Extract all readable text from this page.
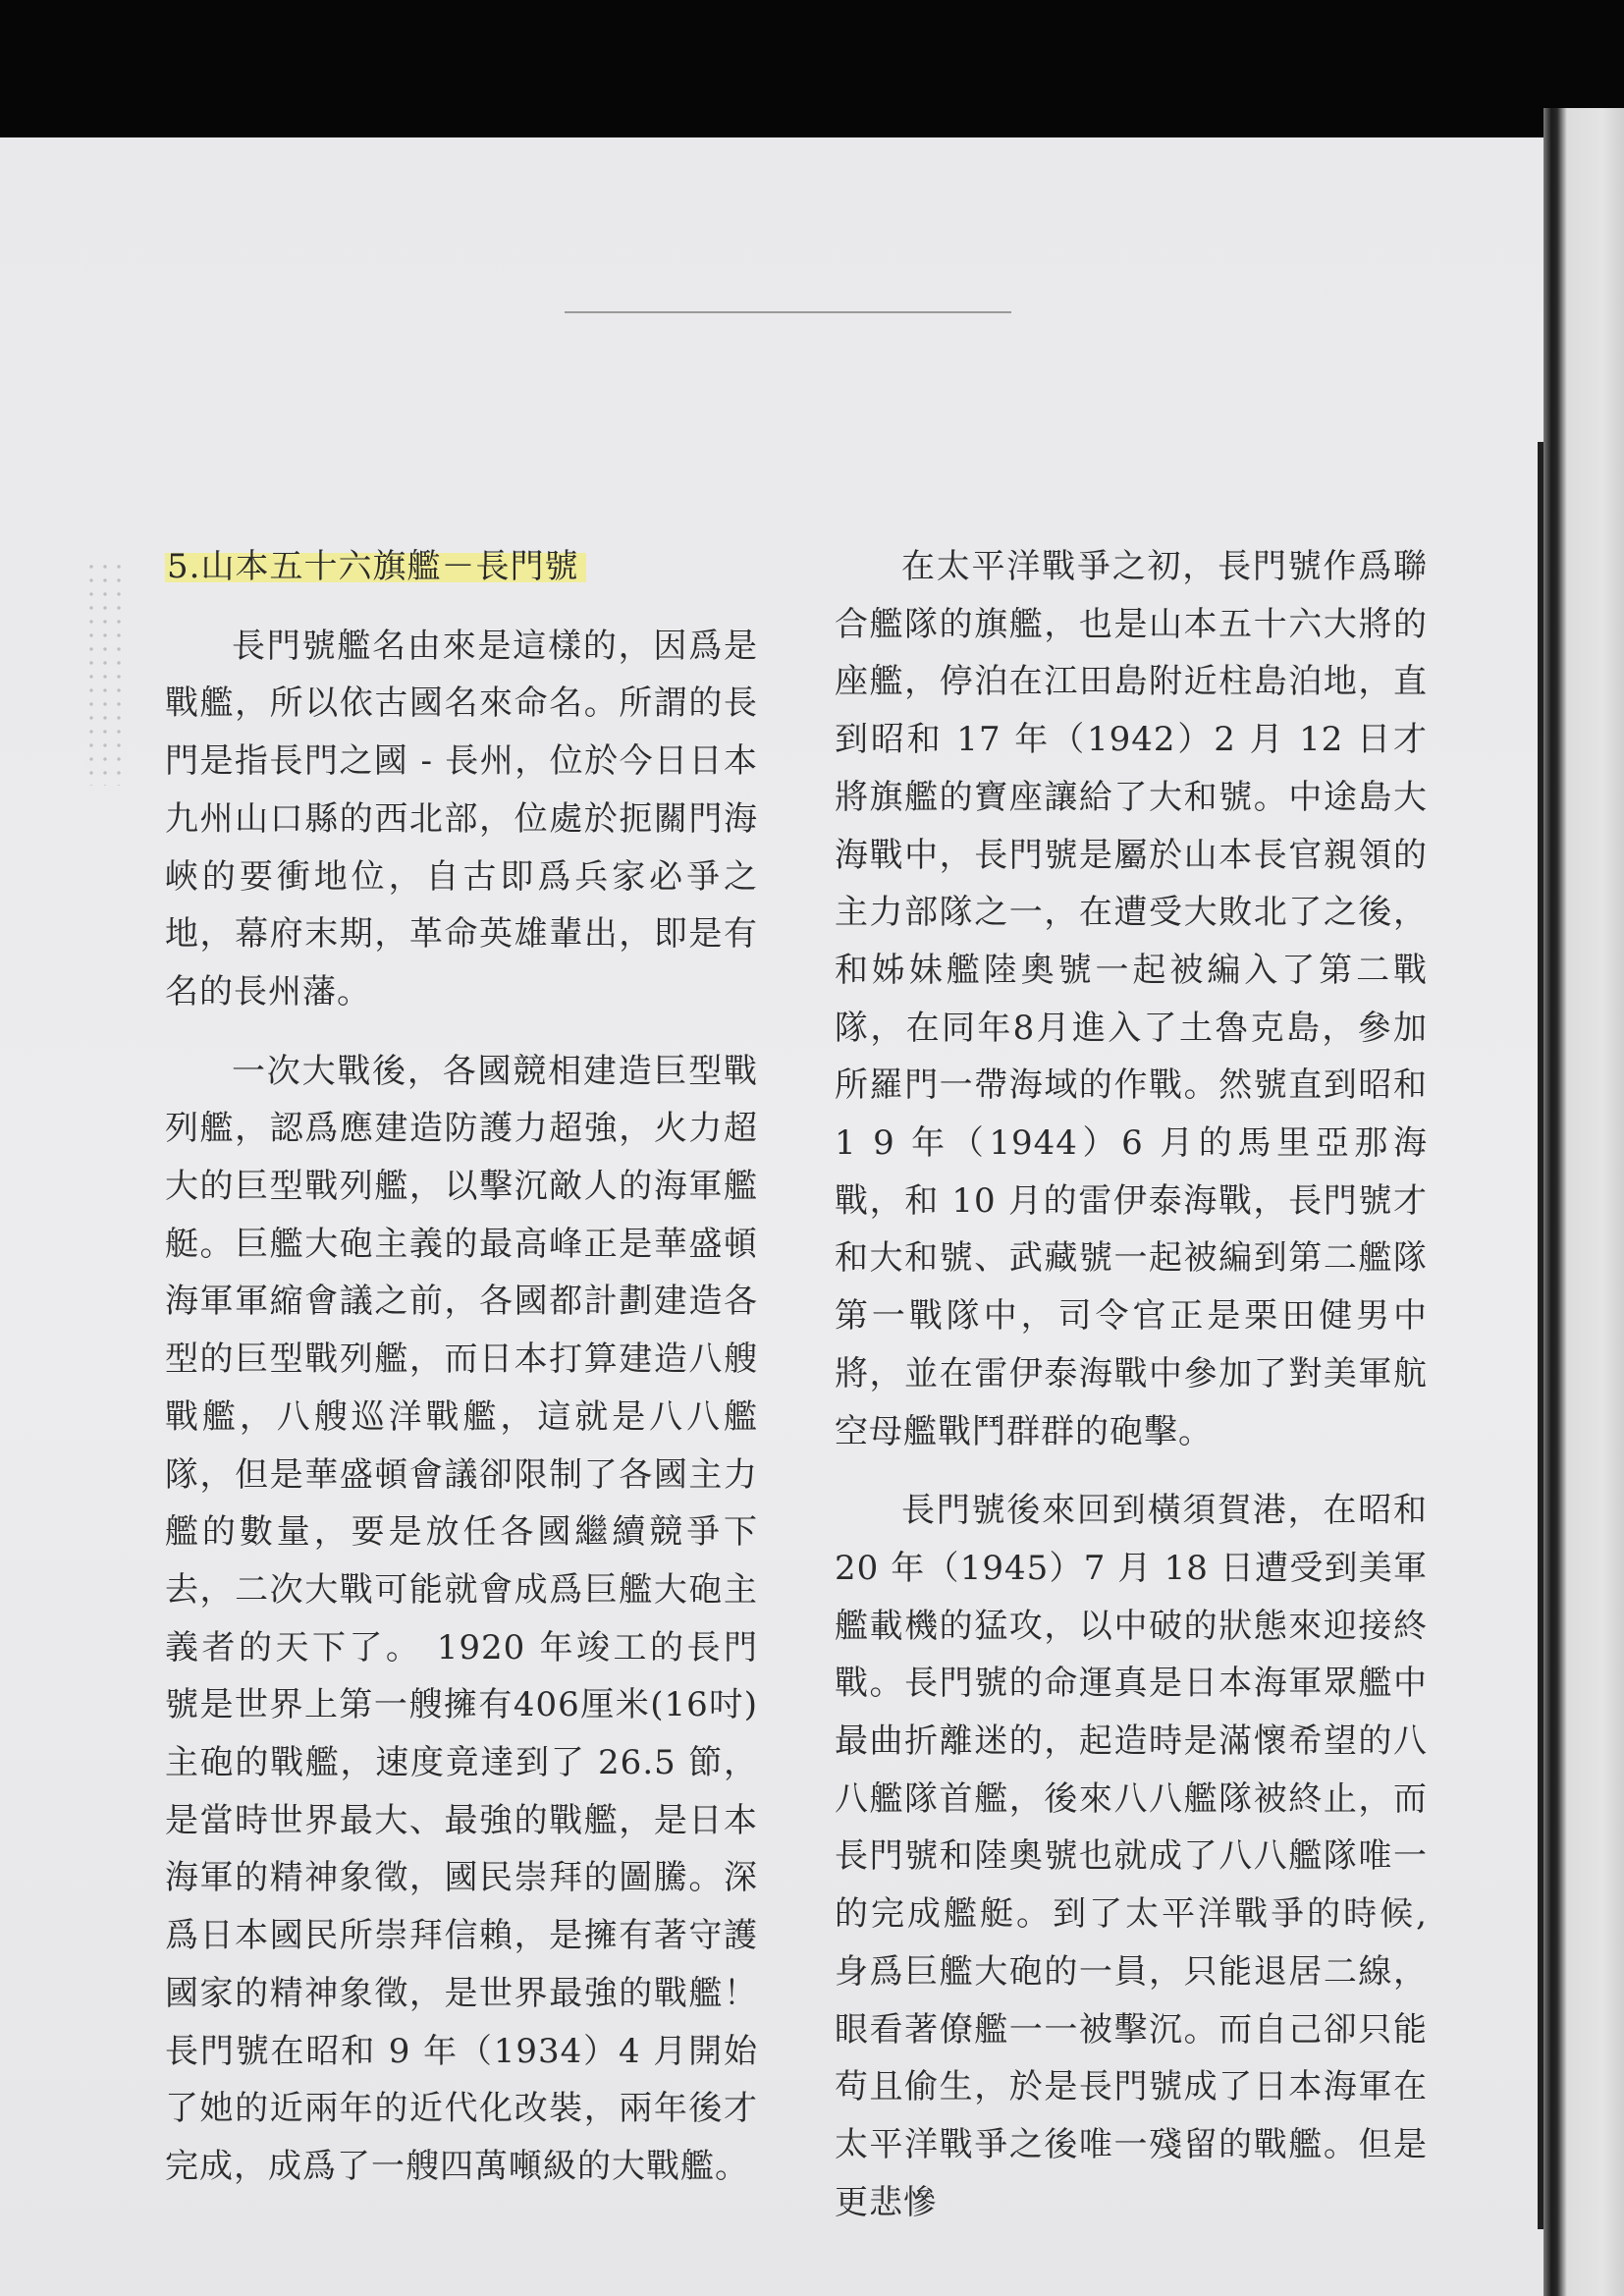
5.山本五十六旗艦－長門號

長門號艦名由來是這樣的，因爲是戰艦，所以依古國名來命名。所謂的長門是指長門之國 - 長州，位於今日日本九州山口縣的西北部，位處於扼關門海峽的要衝地位，自古即爲兵家必爭之地，幕府末期，革命英雄輩出，即是有名的長州藩。

一次大戰後，各國競相建造巨型戰列艦，認爲應建造防護力超強，火力超大的巨型戰列艦，以擊沉敵人的海軍艦艇。巨艦大砲主義的最高峰正是華盛頓海軍軍縮會議之前，各國都計劃建造各型的巨型戰列艦，而日本打算建造八艘戰艦，八艘巡洋戰艦，這就是八八艦隊，但是華盛頓會議卻限制了各國主力艦的數量，要是放任各國繼續競爭下去，二次大戰可能就會成爲巨艦大砲主義者的天下了。 1920 年竣工的長門號是世界上第一艘擁有406厘米(16吋)主砲的戰艦，速度竟達到了 26.5 節，是當時世界最大、最強的戰艦，是日本海軍的精神象徵，國民崇拜的圖騰。深爲日本國民所崇拜信賴，是擁有著守護國家的精神象徵，是世界最強的戰艦！長門號在昭和 9 年（1934）4 月開始了她的近兩年的近代化改裝，兩年後才完成，成爲了一艘四萬噸級的大戰艦。

在太平洋戰爭之初，長門號作爲聯合艦隊的旗艦，也是山本五十六大將的座艦，停泊在江田島附近柱島泊地，直到昭和 17 年（1942）2 月 12 日才將旗艦的寶座讓給了大和號。中途島大海戰中，長門號是屬於山本長官親領的主力部隊之一，在遭受大敗北了之後，和姊妹艦陸奧號一起被編入了第二戰隊，在同年8月進入了土魯克島，參加所羅門一帶海域的作戰。然號直到昭和 1 9 年（1944）6 月的馬里亞那海戰，和 10 月的雷伊泰海戰，長門號才和大和號、武藏號一起被編到第二艦隊第一戰隊中，司令官正是栗田健男中將，並在雷伊泰海戰中參加了對美軍航空母艦戰鬥群群的砲擊。

長門號後來回到橫須賀港，在昭和 20 年（1945）7 月 18 日遭受到美軍艦載機的猛攻，以中破的狀態來迎接終戰。長門號的命運真是日本海軍眾艦中最曲折離迷的，起造時是滿懷希望的八八艦隊首艦，後來八八艦隊被終止，而長門號和陸奧號也就成了八八艦隊唯一的完成艦艇。到了太平洋戰爭的時候,身爲巨艦大砲的一員，只能退居二線，眼看著僚艦一一被擊沉。而自己卻只能苟且偷生，於是長門號成了日本海軍在太平洋戰爭之後唯一殘留的戰艦。但是更悲慘
